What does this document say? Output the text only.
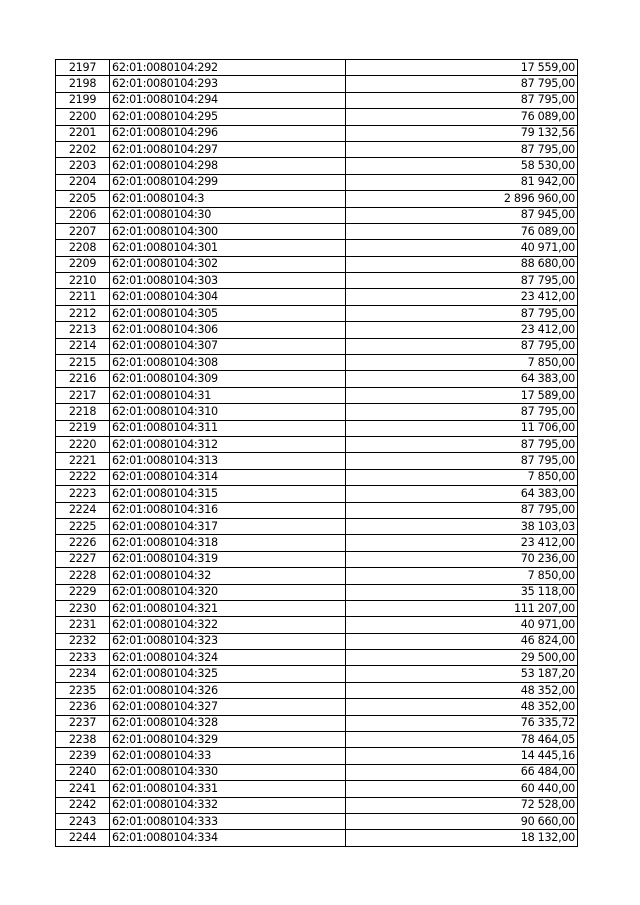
2197	62:01:0080104:292	17 559,00
2198	62:01:0080104:293	87 795,00
2199	62:01:0080104:294	87 795,00
2200	62:01:0080104:295	76 089,00
2201	62:01:0080104:296	79 132,56
2202	62:01:0080104:297	87 795,00
2203	62:01:0080104:298	58 530,00
2204	62:01:0080104:299	81 942,00
2205	62:01:0080104:3	2 896 960,00
2206	62:01:0080104:30	87 945,00
2207	62:01:0080104:300	76 089,00
2208	62:01:0080104:301	40 971,00
2209	62:01:0080104:302	88 680,00
2210	62:01:0080104:303	87 795,00
2211	62:01:0080104:304	23 412,00
2212	62:01:0080104:305	87 795,00
2213	62:01:0080104:306	23 412,00
2214	62:01:0080104:307	87 795,00
2215	62:01:0080104:308	7 850,00
2216	62:01:0080104:309	64 383,00
2217	62:01:0080104:31	17 589,00
2218	62:01:0080104:310	87 795,00
2219	62:01:0080104:311	11 706,00
2220	62:01:0080104:312	87 795,00
2221	62:01:0080104:313	87 795,00
2222	62:01:0080104:314	7 850,00
2223	62:01:0080104:315	64 383,00
2224	62:01:0080104:316	87 795,00
2225	62:01:0080104:317	38 103,03
2226	62:01:0080104:318	23 412,00
2227	62:01:0080104:319	70 236,00
2228	62:01:0080104:32	7 850,00
2229	62:01:0080104:320	35 118,00
2230	62:01:0080104:321	111 207,00
2231	62:01:0080104:322	40 971,00
2232	62:01:0080104:323	46 824,00
2233	62:01:0080104:324	29 500,00
2234	62:01:0080104:325	53 187,20
2235	62:01:0080104:326	48 352,00
2236	62:01:0080104:327	48 352,00
2237	62:01:0080104:328	76 335,72
2238	62:01:0080104:329	78 464,05
2239	62:01:0080104:33	14 445,16
2240	62:01:0080104:330	66 484,00
2241	62:01:0080104:331	60 440,00
2242	62:01:0080104:332	72 528,00
2243	62:01:0080104:333	90 660,00
2244	62:01:0080104:334	18 132,00
